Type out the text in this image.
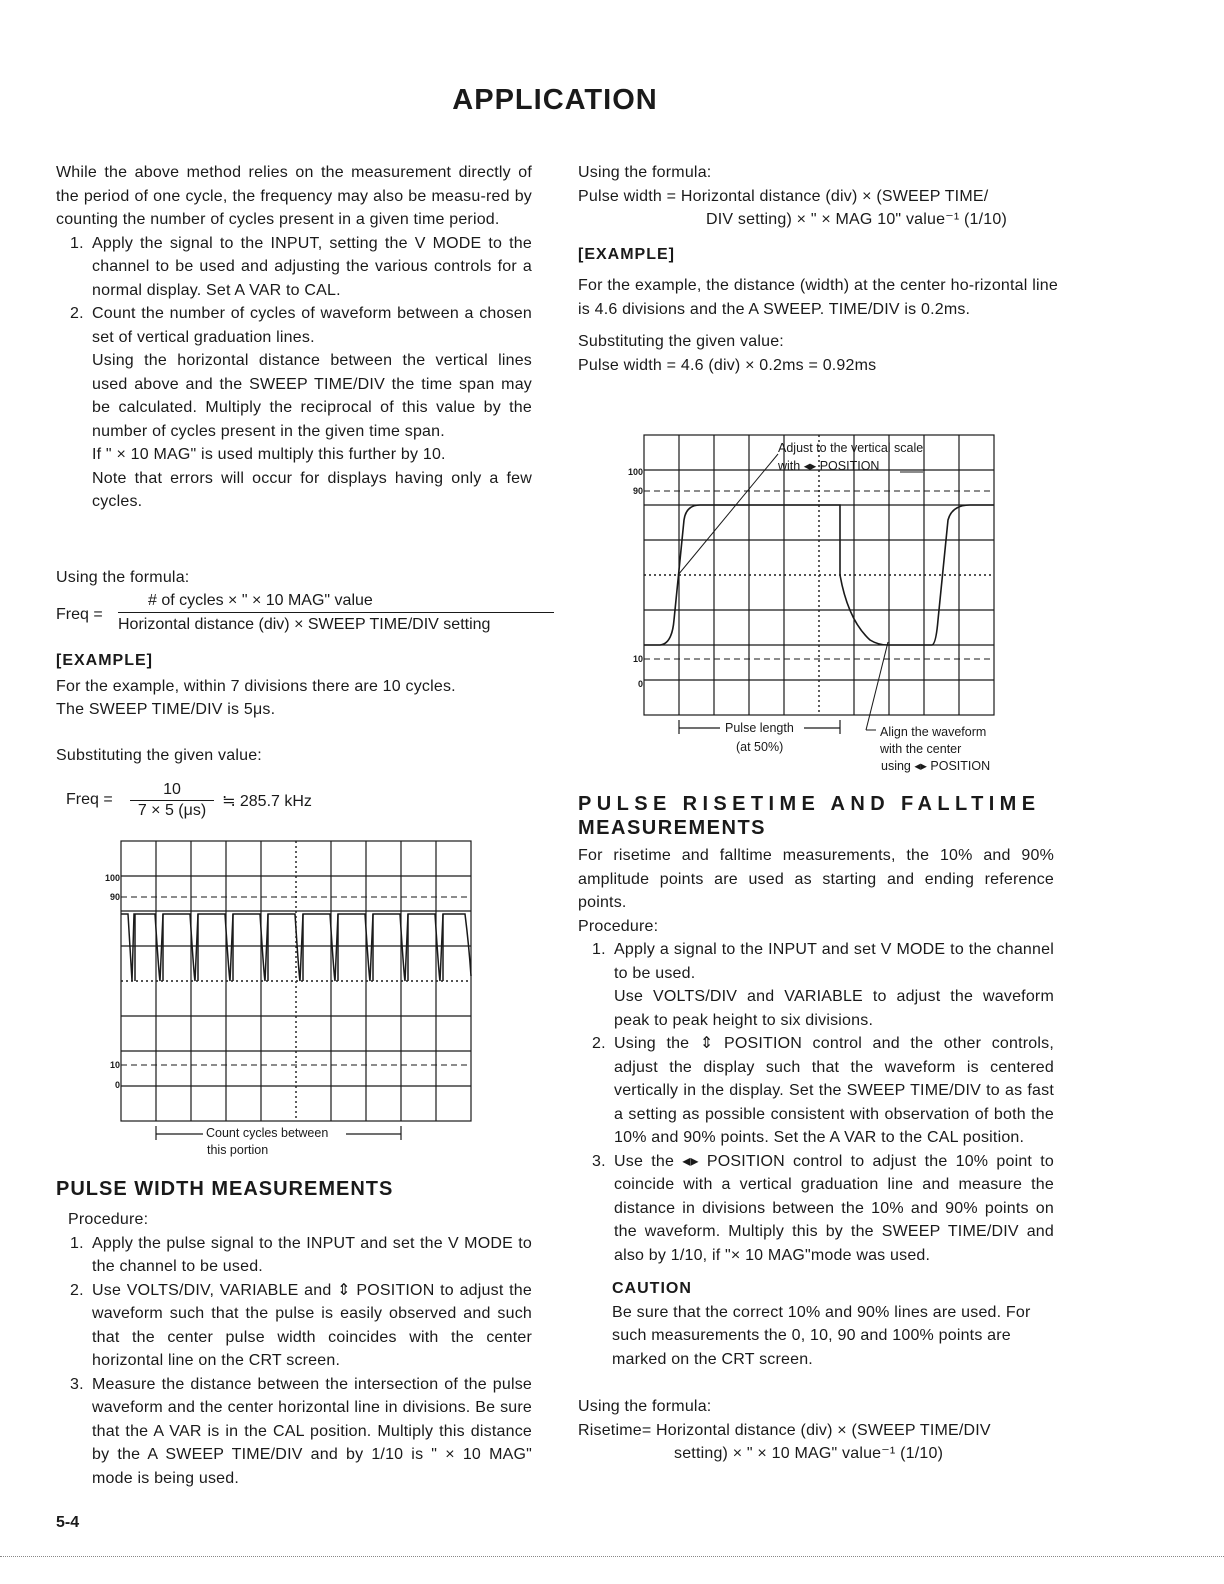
APPLICATION

While the above method relies on the measurement directly of the period of one cycle, the frequency may also be measu-red by counting the number of cycles present in a given time period.

1. Apply the signal to the INPUT, setting the V MODE to the channel to be used and adjusting the various controls for a normal display. Set A VAR to CAL.
2. Count the number of cycles of waveform between a chosen set of vertical graduation lines.
Using the horizontal distance between the vertical lines used above and the SWEEP TIME/DIV the time span may be calculated. Multiply the reciprocal of this value by the number of cycles present in the given time span.
If " × 10 MAG" is used multiply this further by 10.
Note that errors will occur for displays having only a few cycles.
Using the formula:
Freq =
# of cycles × " × 10 MAG" value
Horizontal distance (div) × SWEEP TIME/DIV setting
[EXAMPLE]
For the example, within 7 divisions there are 10 cycles.
The SWEEP TIME/DIV is 5μs.
Substituting the given value:
Freq =
10
7 × 5 (μs)
≒ 285.7 kHz
100
90
10
0
Count cycles between
this portion
PULSE WIDTH MEASUREMENTS
Procedure:
1. Apply the pulse signal to the INPUT and set the V MODE to the channel to be used.
2. Use VOLTS/DIV, VARIABLE and ⇕ POSITION to adjust the waveform such that the pulse is easily observed and such that the center pulse width coincides with the center horizontal line on the CRT screen.
3. Measure the distance between the intersection of the pulse waveform and the center horizontal line in divisions. Be sure that the A VAR is in the CAL position. Multiply this distance by the A SWEEP TIME/DIV and by 1/10 is " × 10 MAG" mode is being used.
5-4
Using the formula:
Pulse width = Horizontal distance (div) × (SWEEP TIME/
DIV setting) × " × MAG 10" value⁻¹ (1/10)
[EXAMPLE]
For the example, the distance (width) at the center ho-rizontal line is 4.6 divisions and the A SWEEP. TIME/DIV is 0.2ms.
Substituting the given value:
Pulse width = 4.6 (div) × 0.2ms = 0.92ms
100
90
10
0
Adjust to the vertical scale
with ◂▸ POSITION
Pulse length
(at 50%)
Align the waveform
with the center
using ◂▸ POSITION
PULSE RISETIME AND FALLTIME
MEASUREMENTS

For risetime and falltime measurements, the 10% and 90% amplitude points are used as starting and ending reference points.

Procedure:
1. Apply a signal to the INPUT and set V MODE to the channel to be used.
Use VOLTS/DIV and VARIABLE to adjust the waveform peak to peak height to six divisions.
2. Using the ⇕ POSITION control and the other controls, adjust the display such that the waveform is centered vertically in the display. Set the SWEEP TIME/DIV to as fast a setting as possible consistent with observation of both the 10% and 90% points. Set the A VAR to the CAL position.
3. Use the ◂▸ POSITION control to adjust the 10% point to coincide with a vertical graduation line and measure the distance in divisions between the 10% and 90% points on the waveform. Multiply this by the SWEEP TIME/DIV and also by 1/10, if "× 10 MAG"mode was used.
CAUTION
Be sure that the correct 10% and 90% lines are used. For such measurements the 0, 10, 90 and 100% points are marked on the CRT screen.
Using the formula:
Risetime= Horizontal distance (div) × (SWEEP TIME/DIV
setting) × " × 10 MAG" value⁻¹ (1/10)
